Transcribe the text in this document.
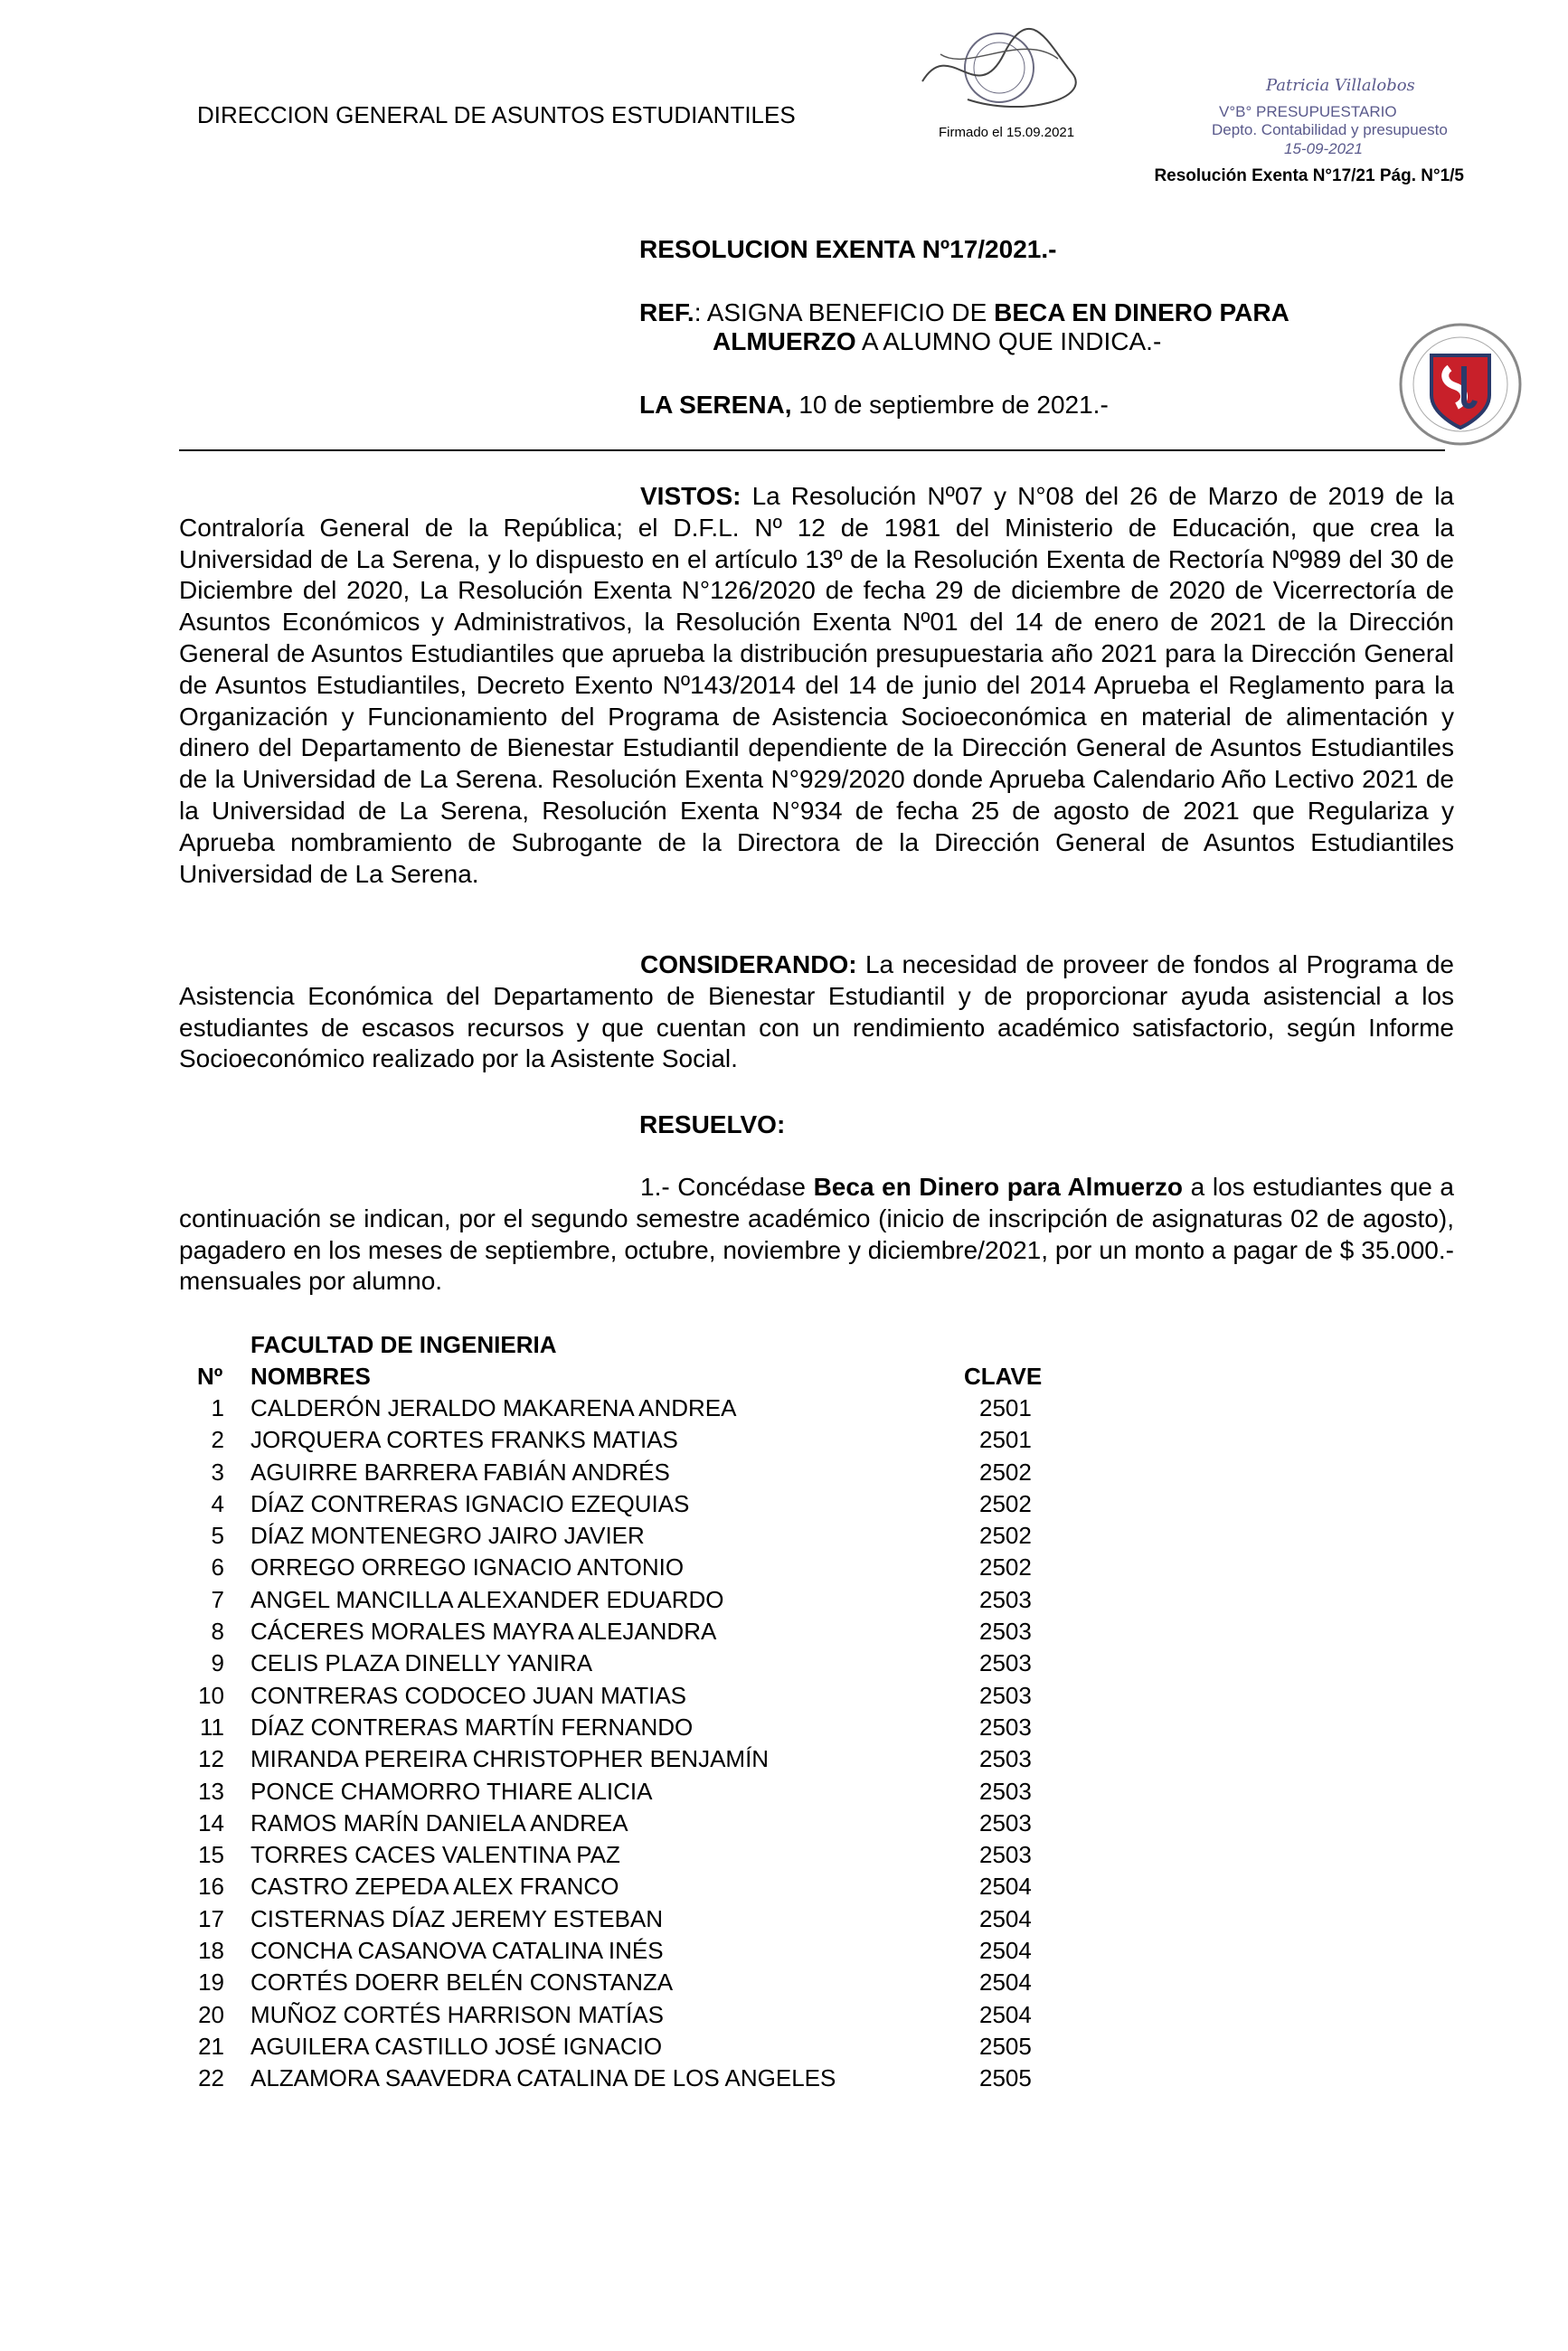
DIRECCION GENERAL DE ASUNTOS ESTUDIANTILES
Firmado el 15.09.2021
Patricia Villalobos
V°B° PRESUPUESTARIO
Depto. Contabilidad y presupuesto
15-09-2021
Resolución Exenta N°17/21 Pág. N°1/5
RESOLUCION EXENTA Nº17/2021.-
REF.: ASIGNA BENEFICIO DE BECA EN DINERO PARA
ALMUERZO A ALUMNO QUE INDICA.-
LA SERENA, 10 de septiembre de 2021.-

VISTOS: La Resolución Nº07 y N°08 del 26 de Marzo de 2019 de la Contraloría General de la República; el D.F.L. Nº 12 de 1981 del Ministerio de Educación, que crea la Universidad de La Serena, y lo dispuesto en el artículo 13º de la Resolución Exenta de Rectoría Nº989 del 30 de Diciembre del 2020, La Resolución Exenta N°126/2020 de fecha 29 de diciembre de 2020 de Vicerrectoría de Asuntos Económicos y Administrativos, la Resolución Exenta Nº01 del 14 de enero de 2021 de la Dirección General de Asuntos Estudiantiles que aprueba la distribución presupuestaria año 2021 para la Dirección General de Asuntos Estudiantiles, Decreto Exento Nº143/2014 del 14 de junio del 2014 Aprueba el Reglamento para la Organización y Funcionamiento del Programa de Asistencia Socioeconómica en material de alimentación y dinero del Departamento de Bienestar Estudiantil dependiente de la Dirección General de Asuntos Estudiantiles de la Universidad de La Serena. Resolución Exenta N°929/2020 donde Aprueba Calendario Año Lectivo 2021 de la Universidad de La Serena, Resolución Exenta N°934 de fecha 25 de agosto de 2021 que Regulariza y Aprueba nombramiento de Subrogante de la Directora de la Dirección General de Asuntos Estudiantiles Universidad de La Serena.

CONSIDERANDO: La necesidad de proveer de fondos al Programa de Asistencia Económica del Departamento de Bienestar Estudiantil y de proporcionar ayuda asistencial a los estudiantes de escasos recursos y que cuentan con un rendimiento académico satisfactorio, según Informe Socioeconómico realizado por la Asistente Social.

RESUELVO:

1.- Concédase Beca en Dinero para Almuerzo a los estudiantes que a continuación se indican, por el segundo semestre académico (inicio de inscripción de asignaturas 02 de agosto), pagadero en los meses de septiembre, octubre, noviembre y diciembre/2021, por un monto a pagar de $ 35.000.- mensuales por alumno.

FACULTAD DE INGENIERIA
Nº NOMBRES	CLAVE
1 CALDERÓN JERALDO MAKARENA ANDREA	2501
2 JORQUERA CORTES FRANKS MATIAS	2501
3 AGUIRRE BARRERA FABIÁN ANDRÉS	2502
4 DÍAZ CONTRERAS IGNACIO EZEQUIAS	2502
5 DÍAZ MONTENEGRO JAIRO JAVIER	2502
6 ORREGO ORREGO IGNACIO ANTONIO	2502
7 ANGEL MANCILLA ALEXANDER EDUARDO	2503
8 CÁCERES MORALES MAYRA ALEJANDRA	2503
9 CELIS PLAZA DINELLY YANIRA	2503
10 CONTRERAS CODOCEO JUAN MATIAS	2503
11 DÍAZ CONTRERAS MARTÍN FERNANDO	2503
12 MIRANDA PEREIRA CHRISTOPHER BENJAMÍN	2503
13 PONCE CHAMORRO THIARE ALICIA	2503
14 RAMOS MARÍN DANIELA ANDREA	2503
15 TORRES CACES VALENTINA PAZ	2503
16 CASTRO ZEPEDA ALEX FRANCO	2504
17 CISTERNAS DÍAZ JEREMY ESTEBAN	2504
18 CONCHA CASANOVA CATALINA INÉS	2504
19 CORTÉS DOERR BELÉN CONSTANZA	2504
20 MUÑOZ CORTÉS HARRISON MATÍAS	2504
21 AGUILERA CASTILLO JOSÉ IGNACIO	2505
22 ALZAMORA SAAVEDRA CATALINA DE LOS ANGELES	2505
